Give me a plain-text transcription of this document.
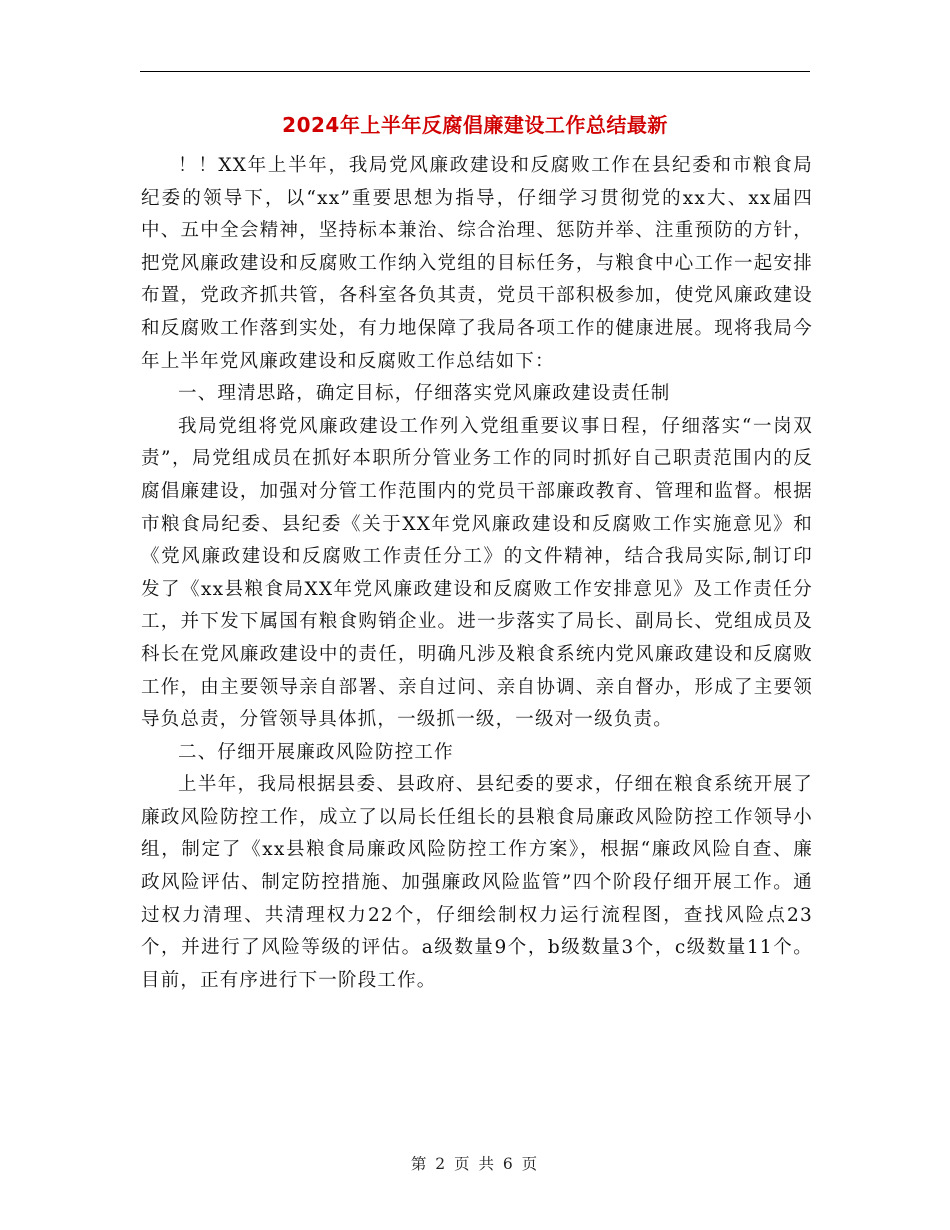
2024年上半年反腐倡廉建设工作总结最新

！！XX年上半年，我局党风廉政建设和反腐败工作在县纪委和市粮食局纪委的领导下，以“xx”重要思想为指导，仔细学习贯彻党的xx大、xx届四中、五中全会精神，坚持标本兼治、综合治理、惩防并举、注重预防的方针，把党风廉政建设和反腐败工作纳入党组的目标任务，与粮食中心工作一起安排布置，党政齐抓共管，各科室各负其责，党员干部积极参加，使党风廉政建设和反腐败工作落到实处，有力地保障了我局各项工作的健康进展。现将我局今年上半年党风廉政建设和反腐败工作总结如下：

一、理清思路，确定目标，仔细落实党风廉政建设责任制

我局党组将党风廉政建设工作列入党组重要议事日程，仔细落实“一岗双责”，局党组成员在抓好本职所分管业务工作的同时抓好自己职责范围内的反腐倡廉建设，加强对分管工作范围内的党员干部廉政教育、管理和监督。根据市粮食局纪委、县纪委《关于XX年党风廉政建设和反腐败工作实施意见》和《党风廉政建设和反腐败工作责任分工》的文件精神，结合我局实际,制订印发了《xx县粮食局XX年党风廉政建设和反腐败工作安排意见》及工作责任分工，并下发下属国有粮食购销企业。进一步落实了局长、副局长、党组成员及科长在党风廉政建设中的责任，明确凡涉及粮食系统内党风廉政建设和反腐败工作，由主要领导亲自部署、亲自过问、亲自协调、亲自督办，形成了主要领导负总责，分管领导具体抓，一级抓一级，一级对一级负责。

二、仔细开展廉政风险防控工作

上半年，我局根据县委、县政府、县纪委的要求，仔细在粮食系统开展了廉政风险防控工作，成立了以局长任组长的县粮食局廉政风险防控工作领导小组，制定了《xx县粮食局廉政风险防控工作方案》，根据“廉政风险自查、廉政风险评估、制定防控措施、加强廉政风险监管”四个阶段仔细开展工作。通过权力清理、共清理权力22个，仔细绘制权力运行流程图，查找风险点23个，并进行了风险等级的评估。a级数量9个，b级数量3个，c级数量11个。目前，正有序进行下一阶段工作。

第 2 页 共 6 页
